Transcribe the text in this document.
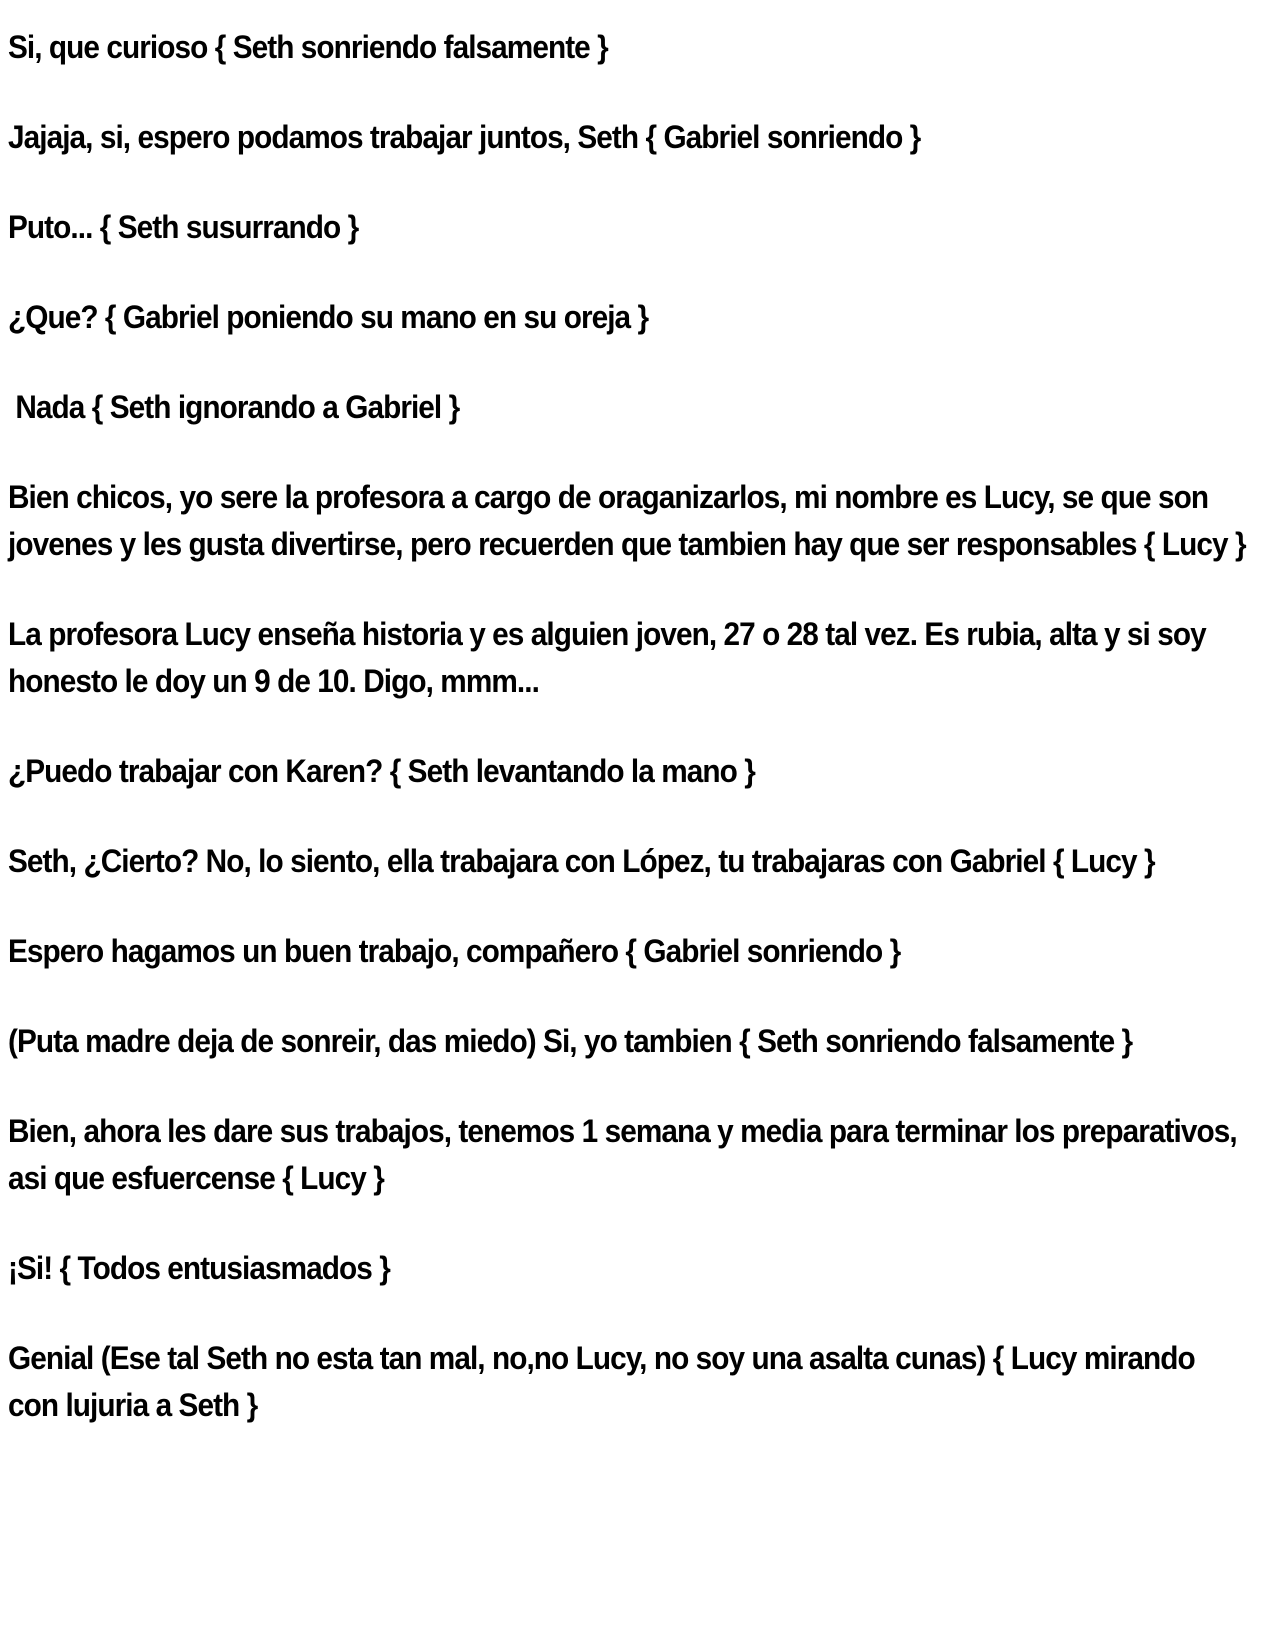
Si, que curioso { Seth sonriendo falsamente }

Jajaja, si, espero podamos trabajar juntos, Seth { Gabriel sonriendo }

Puto... { Seth susurrando }

¿Que? { Gabriel poniendo su mano en su oreja }

Nada { Seth ignorando a Gabriel }

Bien chicos, yo sere la profesora a cargo de oraganizarlos, mi nombre es Lucy, se que son jovenes y les gusta divertirse, pero recuerden que tambien hay que ser responsables { Lucy }

La profesora Lucy enseña historia y es alguien joven, 27 o 28 tal vez. Es rubia, alta y si soy honesto le doy un 9 de 10. Digo, mmm...

¿Puedo trabajar con Karen? { Seth levantando la mano }

Seth, ¿Cierto? No, lo siento, ella trabajara con López, tu trabajaras con Gabriel { Lucy }

Espero hagamos un buen trabajo, compañero { Gabriel sonriendo }

(Puta madre deja de sonreir, das miedo) Si, yo tambien { Seth sonriendo falsamente }

Bien, ahora les dare sus trabajos, tenemos 1 semana y media para terminar los preparativos, asi que esfuercense { Lucy }

¡Si! { Todos entusiasmados }

Genial (Ese tal Seth no esta tan mal, no,no Lucy, no soy una asalta cunas) { Lucy mirando con lujuria a Seth }
